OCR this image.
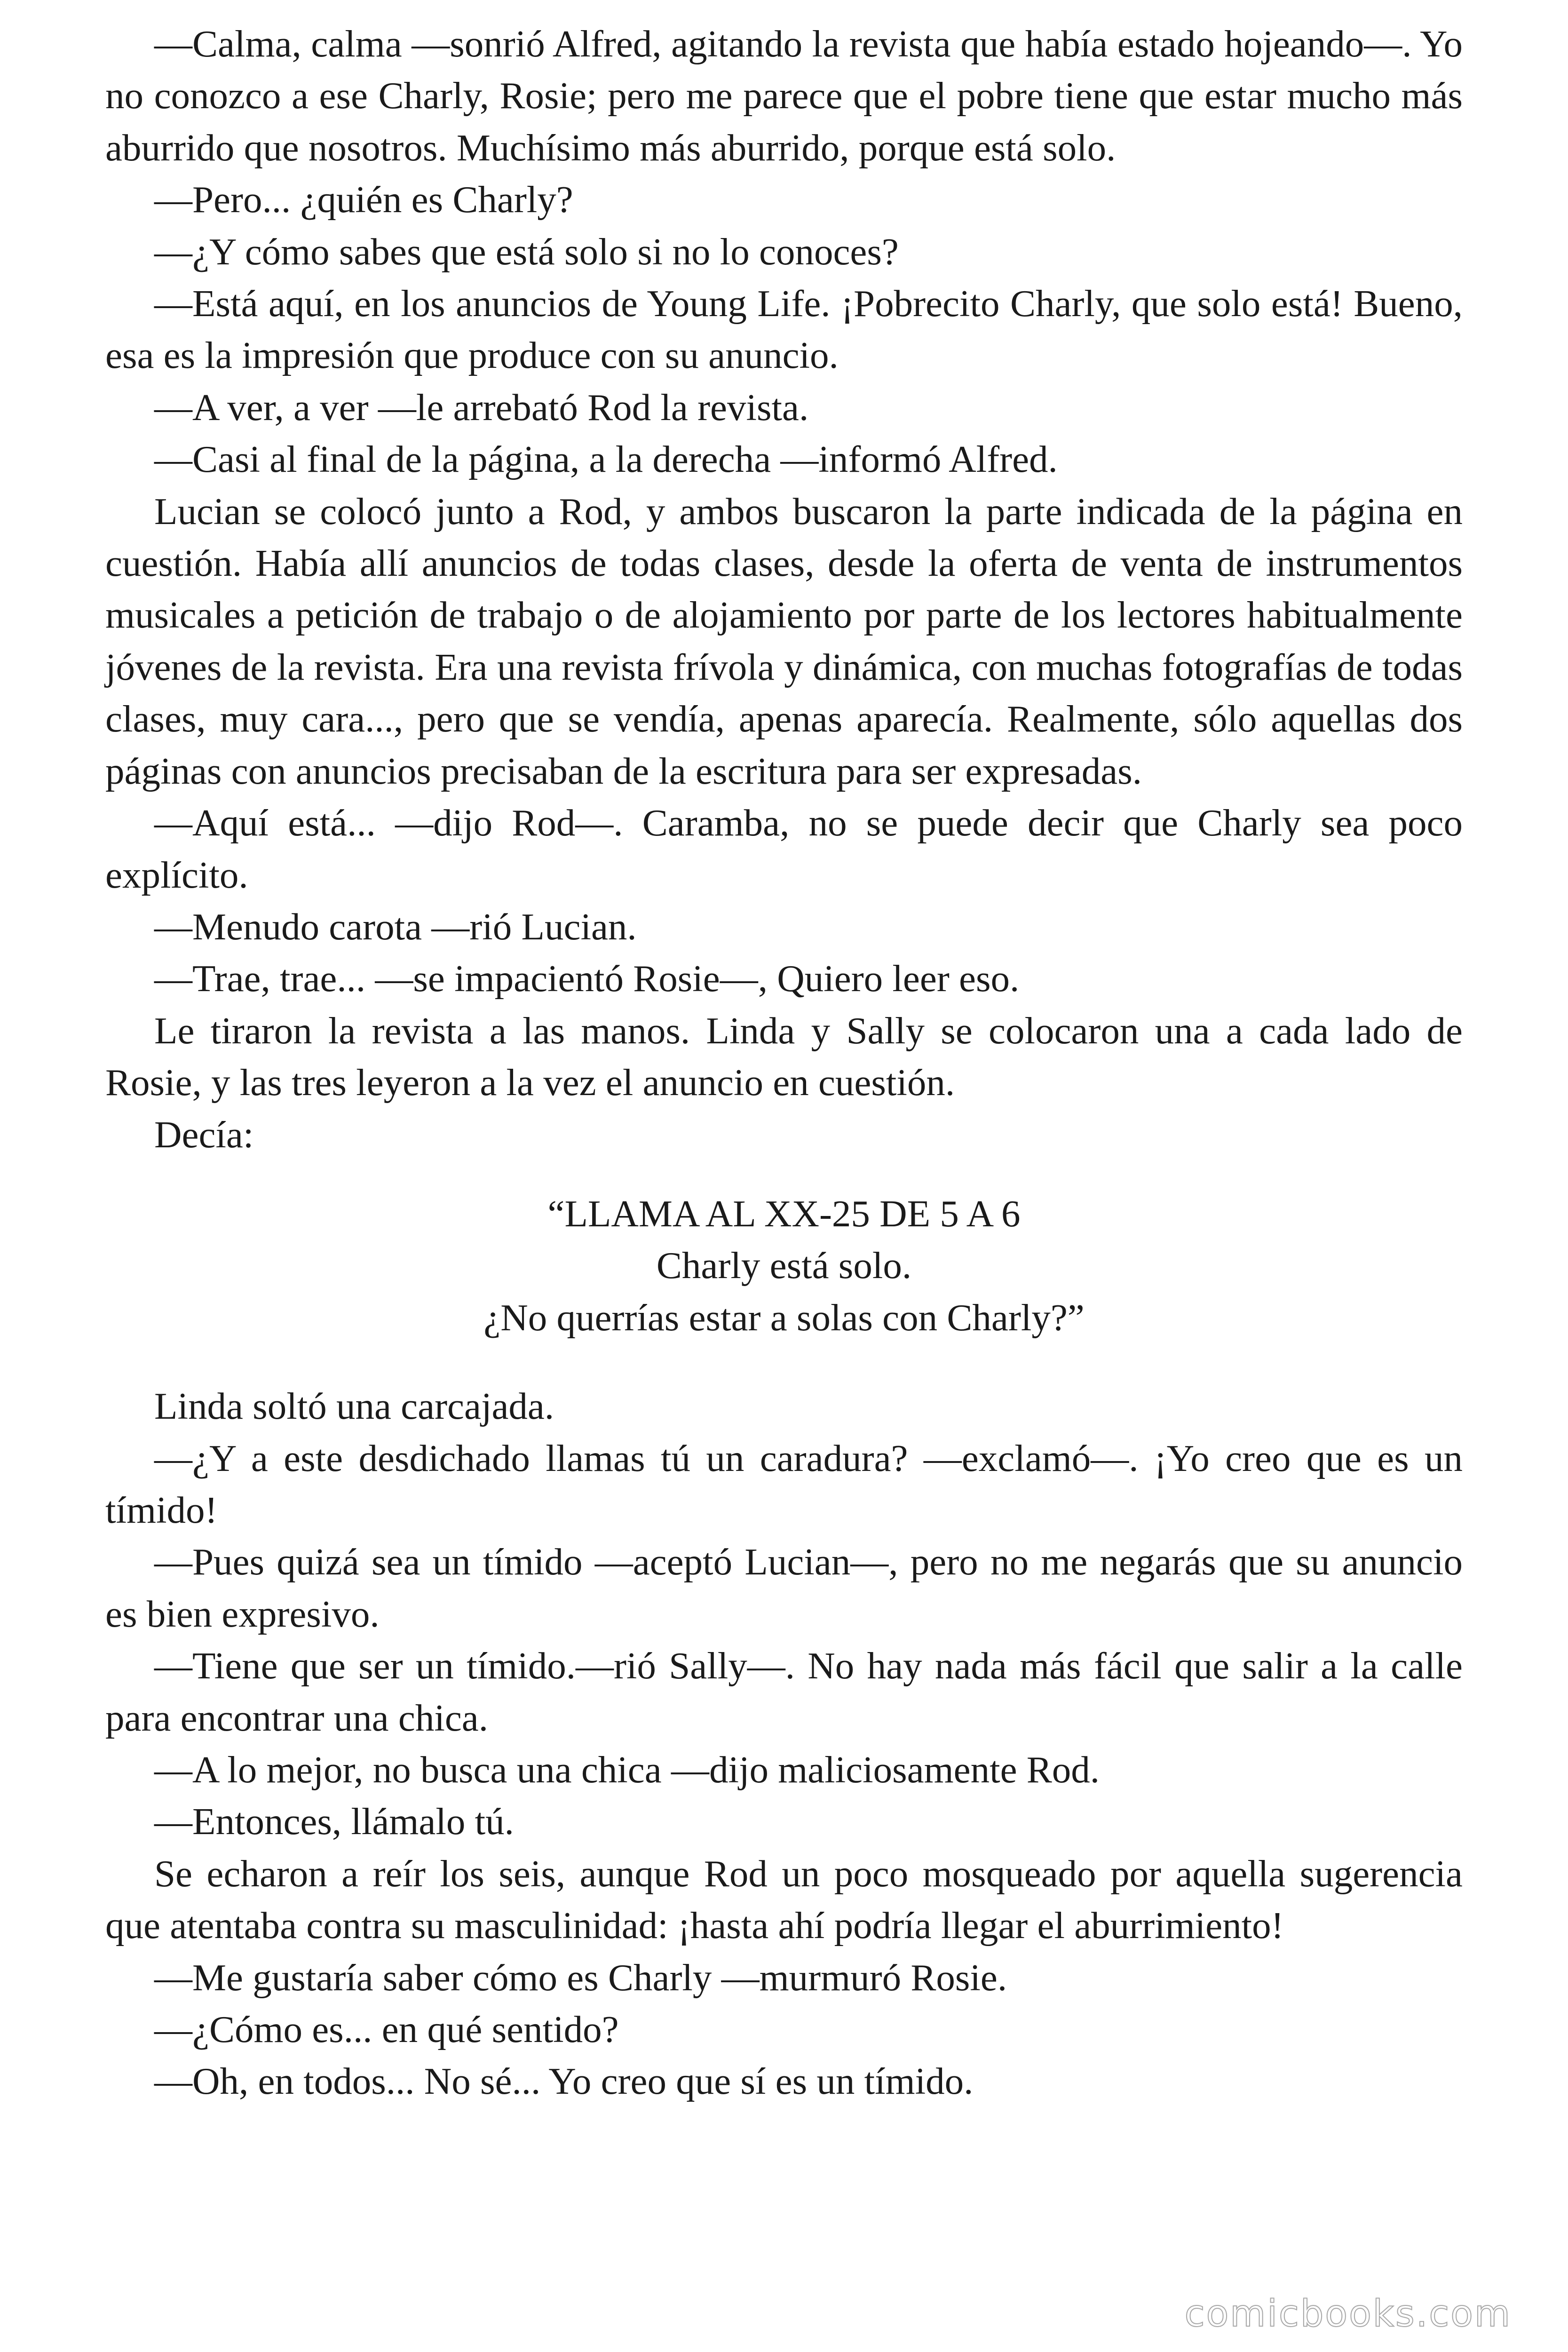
—Calma, calma —sonrió Alfred, agitando la revista que había estado hojeando—. Yo no conozco a ese Charly, Rosie; pero me parece que el pobre tiene que estar mucho más aburrido que nosotros. Muchísimo más aburrido, porque está solo.

—Pero... ¿quién es Charly?

—¿Y cómo sabes que está solo si no lo conoces?

—Está aquí, en los anuncios de Young Life. ¡Pobrecito Charly, que solo está! Bueno, esa es la impresión que produce con su anuncio.

—A ver, a ver —le arrebató Rod la revista.

—Casi al final de la página, a la derecha —informó Alfred.

Lucian se colocó junto a Rod, y ambos buscaron la parte indicada de la página en cuestión. Había allí anuncios de todas clases, desde la oferta de venta de instrumentos musicales a petición de trabajo o de alojamiento por parte de los lectores habitualmente jóvenes de la revista. Era una revista frívola y dinámica, con muchas fotografías de todas clases, muy cara..., pero que se vendía, apenas aparecía. Realmente, sólo aquellas dos páginas con anuncios precisaban de la escritura para ser expresadas.

—Aquí está... —dijo Rod—. Caramba, no se puede decir que Charly sea poco explícito.

—Menudo carota —rió Lucian.

—Trae, trae... —se impacientó Rosie—, Quiero leer eso.

Le tiraron la revista a las manos. Linda y Sally se colocaron una a cada lado de Rosie, y las tres leyeron a la vez el anuncio en cuestión.

Decía:

“LLAMA AL XX-25 DE 5 A 6
Charly está solo.
¿No querrías estar a solas con Charly?”

Linda soltó una carcajada.

—¿Y a este desdichado llamas tú un caradura? —exclamó—. ¡Yo creo que es un tímido!

—Pues quizá sea un tímido —aceptó Lucian—, pero no me negarás que su anuncio es bien expresivo.

—Tiene que ser un tímido.—rió Sally—. No hay nada más fácil que salir a la calle para encontrar una chica.

—A lo mejor, no busca una chica —dijo maliciosamente Rod.

—Entonces, llámalo tú.

Se echaron a reír los seis, aunque Rod un poco mosqueado por aquella sugerencia que atentaba contra su masculinidad: ¡hasta ahí podría llegar el aburrimiento!

—Me gustaría saber cómo es Charly —murmuró Rosie.

—¿Cómo es... en qué sentido?

—Oh, en todos... No sé... Yo creo que sí es un tímido.

comicbooks.com
